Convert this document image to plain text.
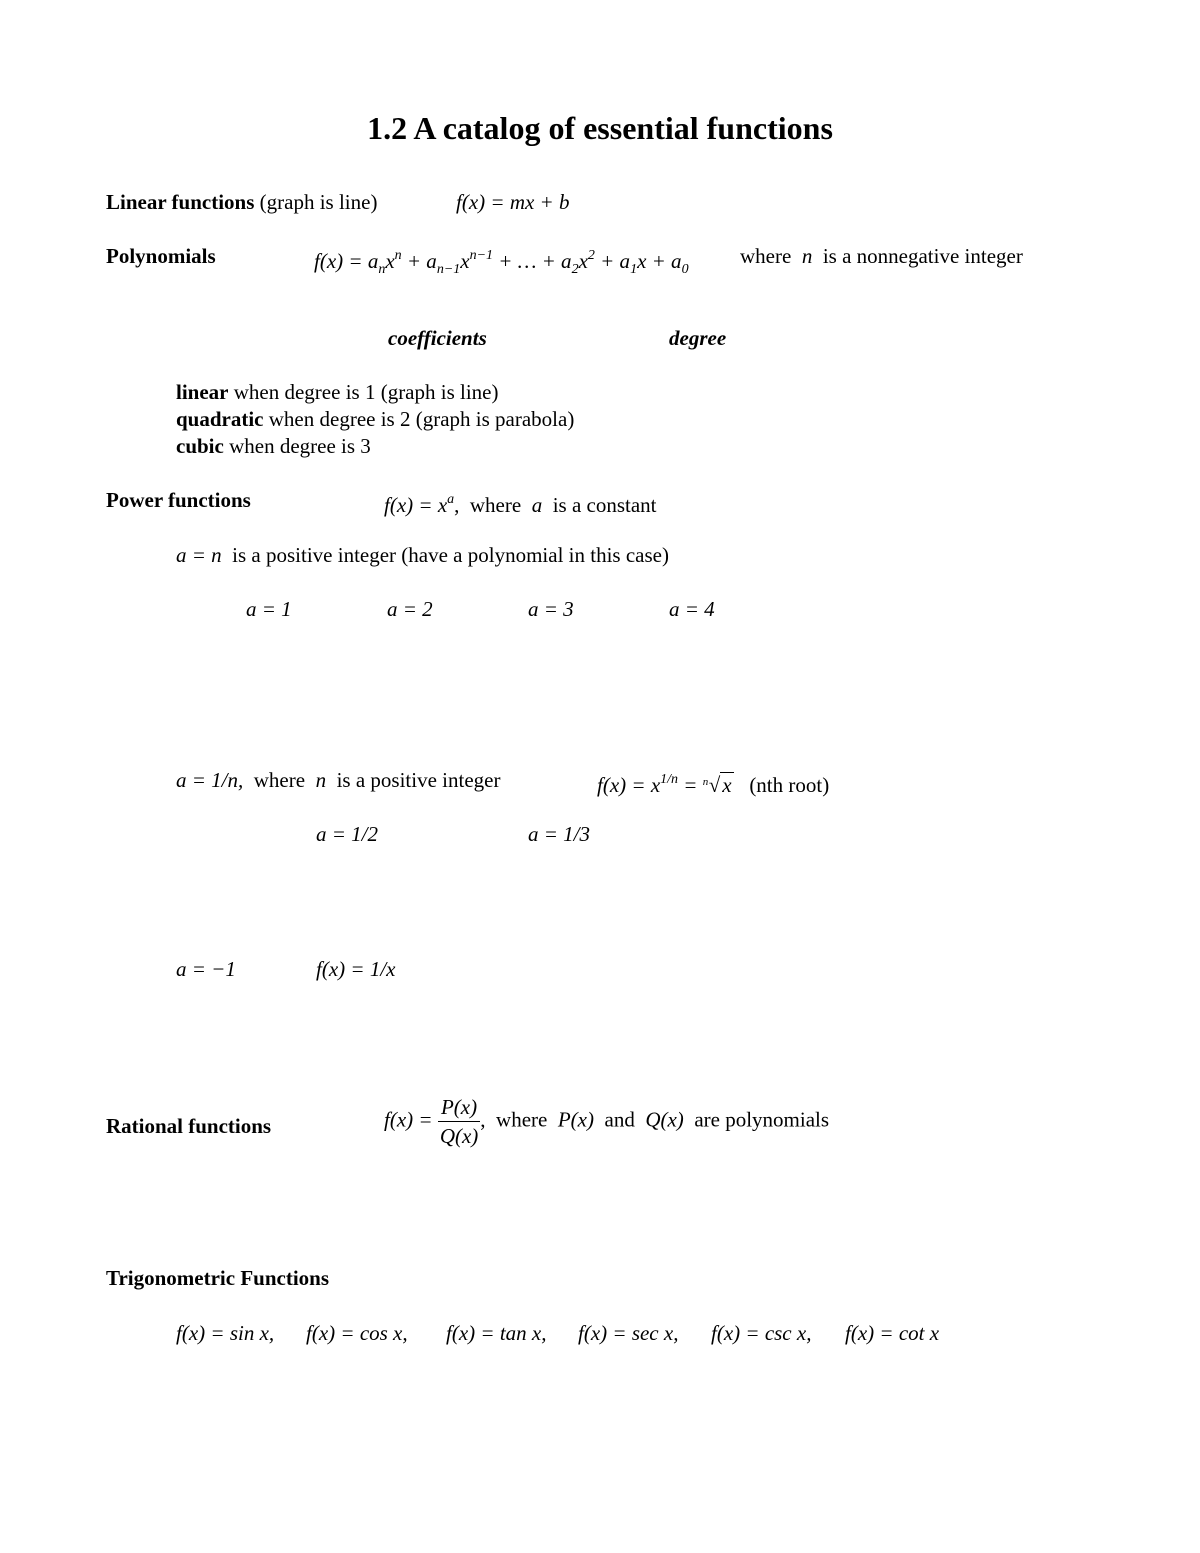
1.2 A catalog of essential functions
Linear functions (graph is line)	f(x) = mx + b
Polynomials	$f(x) = a_nx^n + a_{n-1}x^{n-1}$ + … + $a_2x^2 + a_1x + a_0$
where n is a nonnegative integer
coefficients	degree
linear when degree is 1 (graph is line)
quadratic when degree is 2 (graph is parabola)
cubic when degree is 3
Power functions	$f(x) = x^a$,  where a is a constant
a = n is a positive integer (have a polynomial in this case)
a = 1	a = 2	a = 3	a = 4
a = 1/n, where n is a positive integer	$f(x) = x^{1/n} = n$ √x (nth root)
a = 1/2	a = 1/3
a = −1	f(x) = 1/x
Rational functions	$f(x) = \frac{P(x)}{Q(x)}$ ,  where P(x) and Q(x) are polynomials
Trigonometric Functions
f(x) = sin x, f(x) = cos x, f(x) = tan x, f(x) = sec x, f(x) = csc x, f(x) = cot x
